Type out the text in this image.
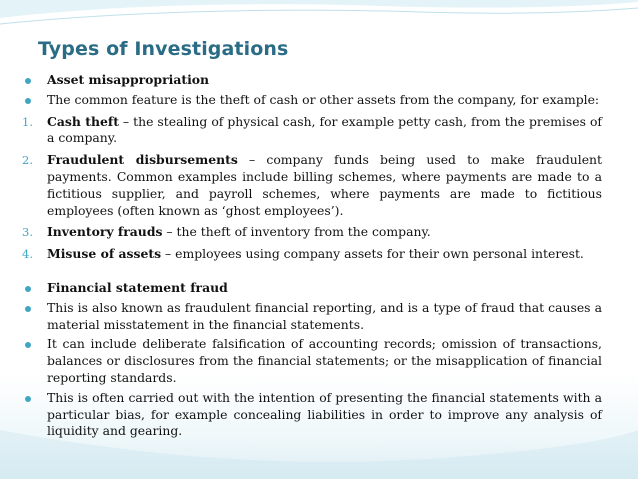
Types of Investigations
Asset misappropriation
The common feature is the theft of cash or other assets from the company, for example:
1.	Cash theft – the stealing of physical cash, for example petty cash, from the premises of a company.
2.	Fraudulent disbursements – company funds being used to make fraudulent payments. Common examples include billing schemes, where payments are made to a fictitious supplier, and payroll schemes, where payments are made to fictitious employees (often known as ‘ghost employees’).
3.	Inventory frauds – the theft of inventory from the company.
4.	Misuse of assets – employees using company assets for their own personal interest.
Financial statement fraud
This is also known as fraudulent financial reporting, and is a type of fraud that causes a material misstatement in the financial statements.
It can include deliberate falsification of accounting records; omission of transactions, balances or disclosures from the financial statements; or the misapplication of financial reporting standards.
This is often carried out with the intention of presenting the financial statements with a particular bias, for example concealing liabilities in order to improve any analysis of liquidity and gearing.
